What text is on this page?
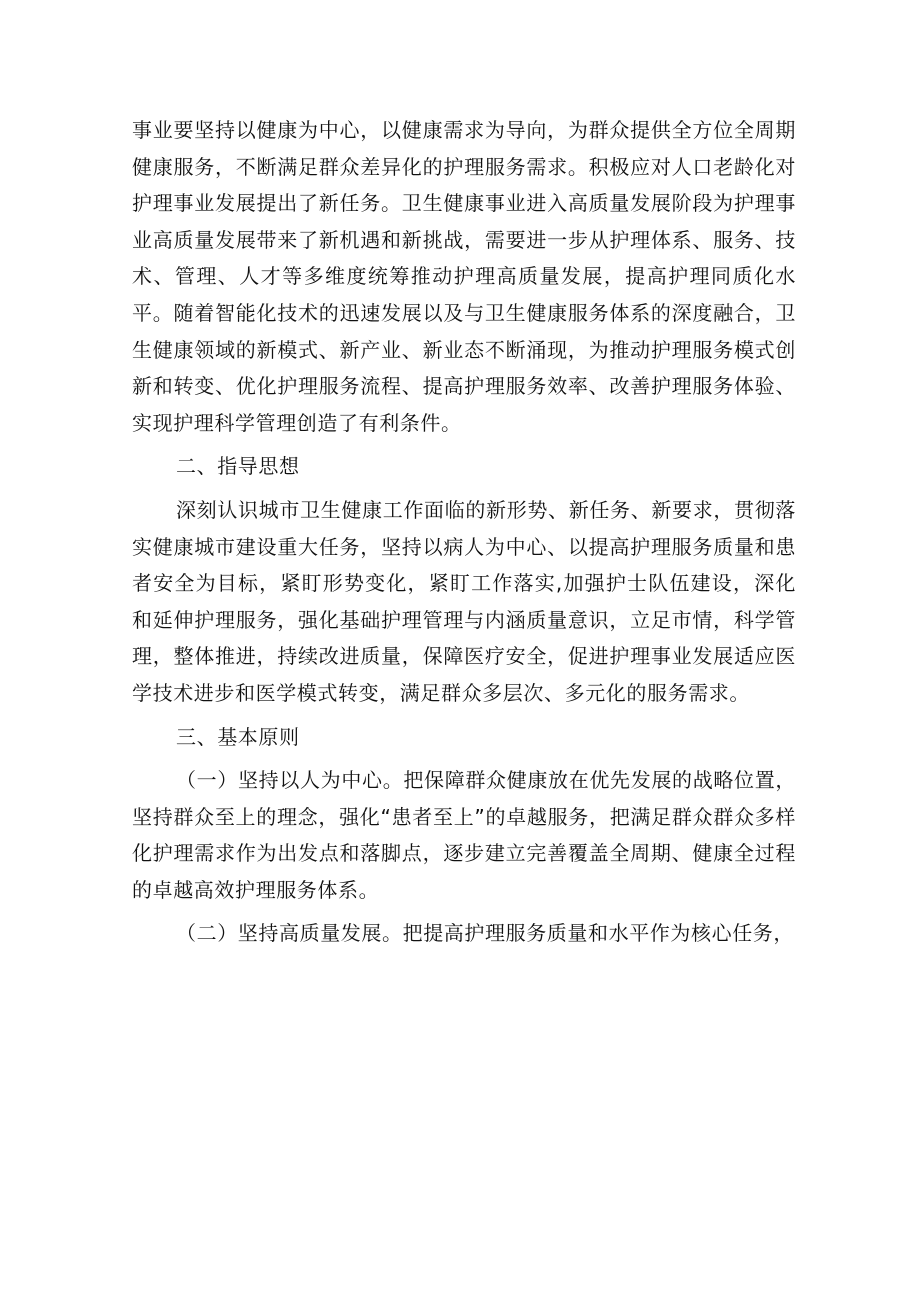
事业要坚持以健康为中心，以健康需求为导向，为群众提供全方位全周期健康服务，不断满足群众差异化的护理服务需求。积极应对人口老龄化对护理事业发展提出了新任务。卫生健康事业进入高质量发展阶段为护理事业高质量发展带来了新机遇和新挑战，需要进一步从护理体系、服务、技术、管理、人才等多维度统筹推动护理高质量发展，提高护理同质化水平。随着智能化技术的迅速发展以及与卫生健康服务体系的深度融合，卫生健康领域的新模式、新产业、新业态不断涌现，为推动护理服务模式创新和转变、优化护理服务流程、提高护理服务效率、改善护理服务体验、实现护理科学管理创造了有利条件。

二、指导思想

深刻认识城市卫生健康工作面临的新形势、新任务、新要求，贯彻落实健康城市建设重大任务，坚持以病人为中心、以提高护理服务质量和患者安全为目标，紧盯形势变化，紧盯工作落实,加强护士队伍建设，深化和延伸护理服务，强化基础护理管理与内涵质量意识，立足市情，科学管理，整体推进，持续改进质量，保障医疗安全，促进护理事业发展适应医学技术进步和医学模式转变，满足群众多层次、多元化的服务需求。

三、基本原则

（一）坚持以人为中心。把保障群众健康放在优先发展的战略位置，坚持群众至上的理念，强化“患者至上”的卓越服务，把满足群众群众多样化护理需求作为出发点和落脚点，逐步建立完善覆盖全周期、健康全过程的卓越高效护理服务体系。

（二）坚持高质量发展。把提高护理服务质量和水平作为核心任务，
